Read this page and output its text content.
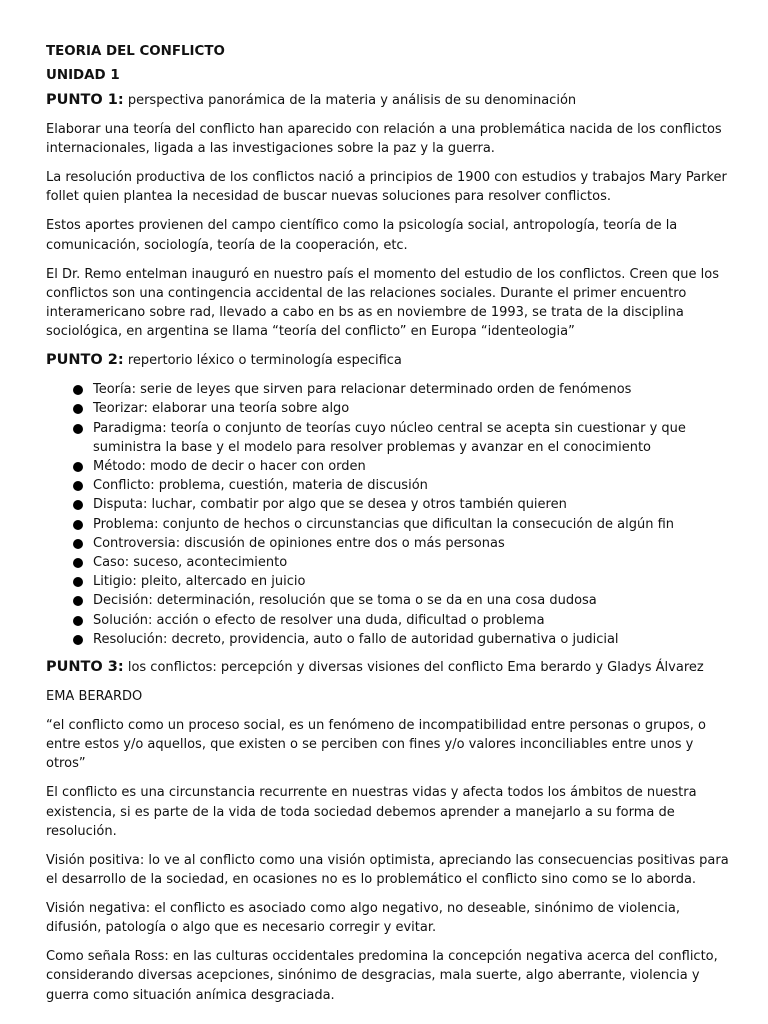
TEORIA DEL CONFLICTO
UNIDAD 1
PUNTO 1: perspectiva panorámica de la materia y análisis de su denominación

Elaborar una teoría del conflicto han aparecido con relación a una problemática nacida de los conflictos internacionales, ligada a las investigaciones sobre la paz y la guerra.

La resolución productiva de los conflictos nació a principios de 1900 con estudios y trabajos Mary Parker follet quien plantea la necesidad de buscar nuevas soluciones para resolver conflictos.

Estos aportes provienen del campo científico como la psicología social, antropología, teoría de la comunicación, sociología, teoría de la cooperación, etc.

El Dr. Remo entelman inauguró en nuestro país el momento del estudio de los conflictos. Creen que los conflictos son una contingencia accidental de las relaciones sociales. Durante el primer encuentro interamericano sobre rad, llevado a cabo en bs as en noviembre de 1993, se trata de la disciplina sociológica, en argentina se llama “teoría del conflicto” en Europa “identeologia”

PUNTO 2: repertorio léxico o terminología especifica
Teoría: serie de leyes que sirven para relacionar determinado orden de fenómenos
Teorizar: elaborar una teoría sobre algo
Paradigma: teoría o conjunto de teorías cuyo núcleo central se acepta sin cuestionar y que suministra la base y el modelo para resolver problemas y avanzar en el conocimiento
Método: modo de decir o hacer con orden
Conflicto: problema, cuestión, materia de discusión
Disputa: luchar, combatir por algo que se desea y otros también quieren
Problema: conjunto de hechos o circunstancias que dificultan la consecución de algún fin
Controversia: discusión de opiniones entre dos o más personas
Caso: suceso, acontecimiento
Litigio: pleito, altercado en juicio
Decisión: determinación, resolución que se toma o se da en una cosa dudosa
Solución: acción o efecto de resolver una duda, dificultad o problema
Resolución: decreto, providencia, auto o fallo de autoridad gubernativa o judicial
PUNTO 3: los conflictos: percepción y diversas visiones del conflicto Ema berardo y Gladys Álvarez

EMA BERARDO

“el conflicto como un proceso social, es un fenómeno de incompatibilidad entre personas o grupos, o entre estos y/o aquellos, que existen o se perciben con fines y/o valores inconciliables entre unos y otros”

El conflicto es una circunstancia recurrente en nuestras vidas y afecta todos los ámbitos de nuestra existencia, si es parte de la vida de toda sociedad debemos aprender a manejarlo a su forma de resolución.

Visión positiva: lo ve al conflicto como una visión optimista, apreciando las consecuencias positivas para el desarrollo de la sociedad, en ocasiones no es lo problemático el conflicto sino como se lo aborda.

Visión negativa: el conflicto es asociado como algo negativo, no deseable, sinónimo de violencia, difusión, patología o algo que es necesario corregir y evitar.

Como señala Ross: en las culturas occidentales predomina la concepción negativa acerca del conflicto, considerando diversas acepciones, sinónimo de desgracias, mala suerte, algo aberrante, violencia y guerra como situación anímica desgraciada.
